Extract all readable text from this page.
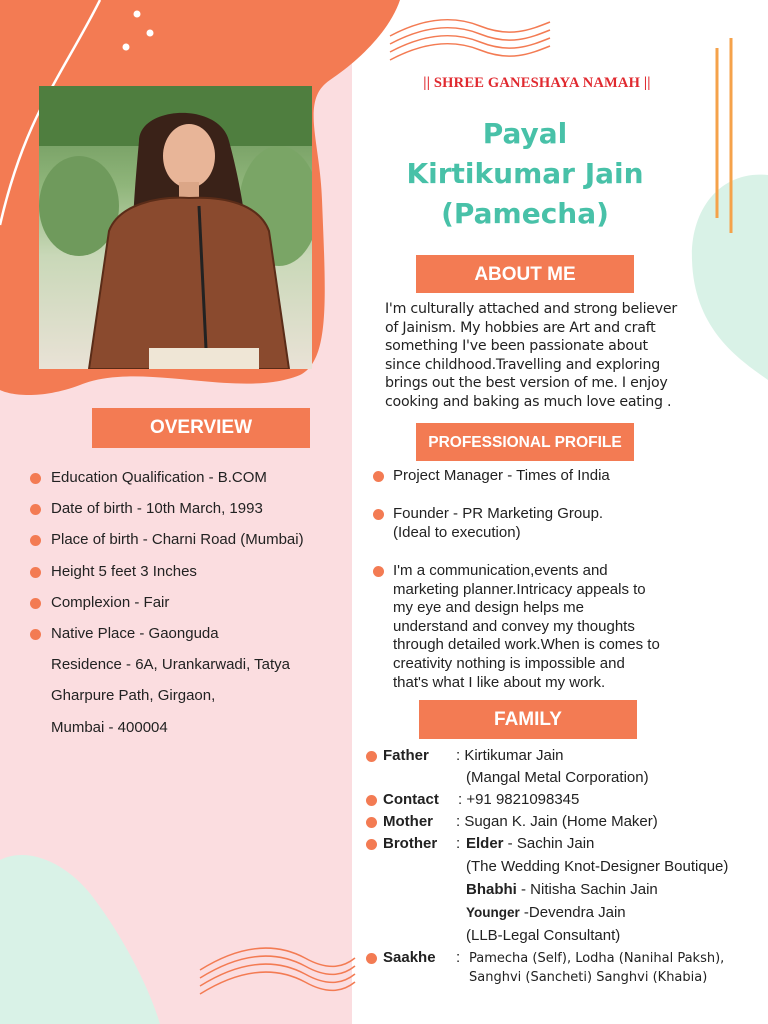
|| SHREE GANESHAYA NAMAH ||
Payal
Kirtikumar Jain
(Pamecha)
ABOUT ME
I'm culturally attached and strong believer
of Jainism. My hobbies are Art and craft
something I've been passionate about
since childhood.Travelling and exploring
brings out the best version of me. I enjoy
cooking and baking as much love eating .
OVERVIEW
Education Qualification - B.COM
Date of birth - 10th March, 1993
Place of birth - Charni Road (Mumbai)
Height 5 feet 3 Inches
Complexion - Fair
Native Place - Gaonguda
Residence - 6A, Urankarwadi, Tatya
Gharpure Path, Girgaon,
Mumbai - 400004
PROFESSIONAL PROFILE
Project Manager - Times of India
Founder - PR Marketing Group.
(Ideal to execution)
I'm a communication,events and
marketing planner.Intricacy appeals to
my eye and design helps me
understand and convey my thoughts
through detailed work.When is comes to
creativity nothing is impossible and
that's what I like about my work.
FAMILY
Father : Kirtikumar Jain
(Mangal Metal Corporation)
Contact : +91 9821098345
Mother : Sugan K. Jain (Home Maker)
Brother : Elder - Sachin Jain
(The Wedding Knot-Designer Boutique)
Bhabhi - Nitisha Sachin Jain
Younger -Devendra Jain
(LLB-Legal Consultant)
Saakhe : Pamecha (Self), Lodha (Nanihal Paksh),
Sanghvi (Sancheti) Sanghvi (Khabia)
